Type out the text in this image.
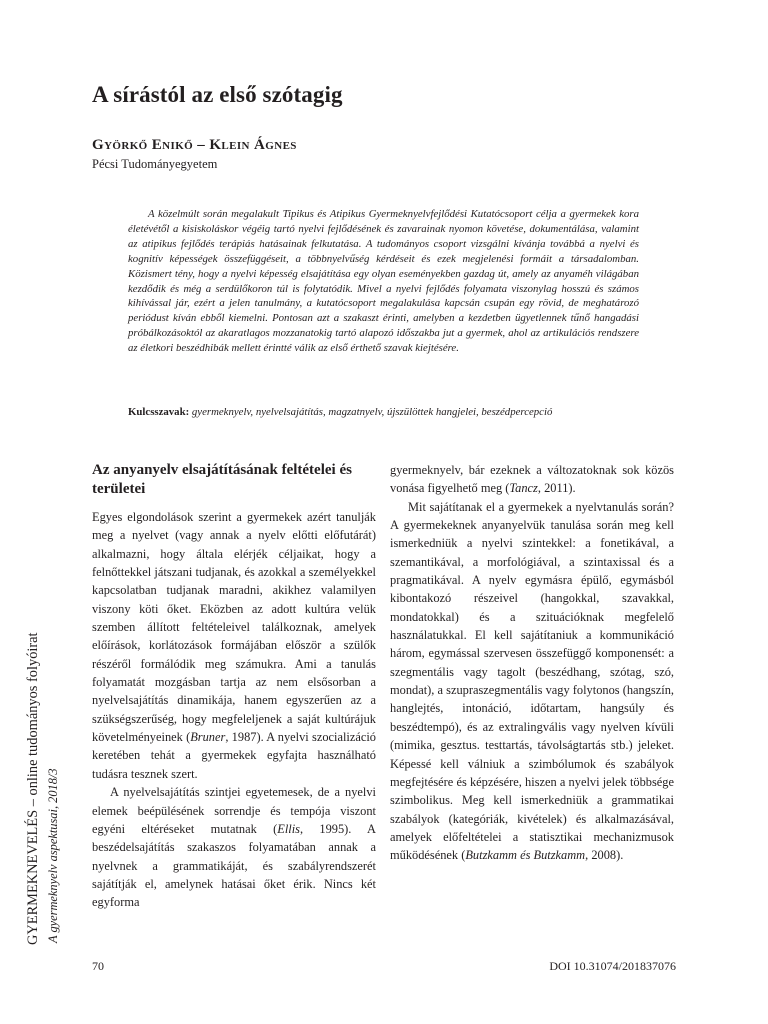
A sírástól az első szótagig
Györkő Enikő – Klein Ágnes
Pécsi Tudományegyetem

A közelmúlt során megalakult Tipikus és Atipikus Gyermeknyelvfejlődési Kutatócsoport célja a gyermekek kora életévétől a kisiskoláskor végéig tartó nyelvi fejlődésének és zavarainak nyomon követése, dokumentálása, valamint az atipikus fejlődés terápiás hatásainak felkutatása. A tudományos csoport vizsgálni kívánja továbbá a nyelvi és kognitív képességek összefüggéseit, a többnyelvűség kérdéseit és ezek megjelenési formáit a társadalomban. Közismert tény, hogy a nyelvi képesség elsajátítása egy olyan eseményekben gazdag út, amely az anyaméh világában kezdődik és még a serdülőkoron túl is folytatódik. Mivel a nyelvi fejlődés folyamata viszonylag hosszú és számos kihívással jár, ezért a jelen tanulmány, a kutatócsoport megalakulása kapcsán csupán egy rövid, de meghatározó periódust kíván ebből kiemelni. Pontosan azt a szakaszt érinti, amelyben a kezdetben ügyetlennek tűnő hangadási próbálkozásoktól az akaratlagos mozzanatokig tartó alapozó időszakba jut a gyermek, ahol az artikulációs rendszere az életkori beszédhibák mellett érintté válik az első érthető szavak kiejtésére.

Kulcsszavak: gyermeknyelv, nyelvelsajátítás, magzatnyelv, újszülöttek hangjelei, beszédpercepció
Az anyanyelv elsajátításának feltételei és területei

Egyes elgondolások szerint a gyermekek azért tanulják meg a nyelvet (vagy annak a nyelv előtti előfutárát) alkalmazni, hogy általa elérjék céljaikat, hogy a felnőttekkel játszani tudjanak, és azokkal a személyekkel kapcsolatban tudjanak maradni, akikhez valamilyen viszony köti őket. Eközben az adott kultúra velük szemben állított feltételeivel találkoznak, amelyek előírások, korlátozások formájában először a szülők részéről formálódik meg számukra. Ami a tanulás folyamatát mozgásban tartja az nem elsősorban a nyelvelsajátítás dinamikája, hanem egyszerűen az a szükségszerűség, hogy megfeleljenek a saját kultúrájuk követelményeinek (Bruner, 1987). A nyelvi szocializáció keretében tehát a gyermekek egyfajta használható tudásra tesznek szert.

A nyelvelsajátítás szintjei egyetemesek, de a nyelvi elemek beépülésének sorrendje és tempója viszont egyéni eltéréseket mutatnak (Ellis, 1995). A beszédelsajátítás szakaszos folyamatában annak a nyelvnek a grammatikáját, és szabályrendszerét sajátítják el, amelynek hatásai őket érik. Nincs két egyforma

gyermeknyelv, bár ezeknek a változatoknak sok közös vonása figyelhető meg (Tancz, 2011).

Mit sajátítanak el a gyermekek a nyelvtanulás során? A gyermekeknek anyanyelvük tanulása során meg kell ismerkedniük a nyelvi szintekkel: a fonetikával, a szemantikával, a morfológiával, a szintaxissal és a pragmatikával. A nyelv egymásra épülő, egymásból kibontakozó részeivel (hangokkal, szavakkal, mondatokkal) és a szituációknak megfelelő használatukkal. El kell sajátítaniuk a kommunikáció három, egymással szervesen összefüggő komponensét: a szegmentális vagy tagolt (beszédhang, szótag, szó, mondat), a szupraszegmentális vagy folytonos (hangszín, hanglejtés, intonáció, időtartam, hangsúly és beszédtempó), és az extralingvális vagy nyelven kívüli (mimika, gesztus. testtartás, távolságtartás stb.) jeleket. Képessé kell válniuk a szimbólumok és szabályok megfejtésére és képzésére, hiszen a nyelvi jelek többsége szimbolikus. Meg kell ismerkedniük a grammatikai szabályok (kategóriák, kivételek) és alkalmazásával, amelyek előfeltételei a statisztikai mechanizmusok működésének (Butzkamm és Butzkamm, 2008).

GYERMEKNEVELÉS – online tudományos folyóirat A gyermeknyelv aspektusai, 2018/3
70	DOI 10.31074/201837076
